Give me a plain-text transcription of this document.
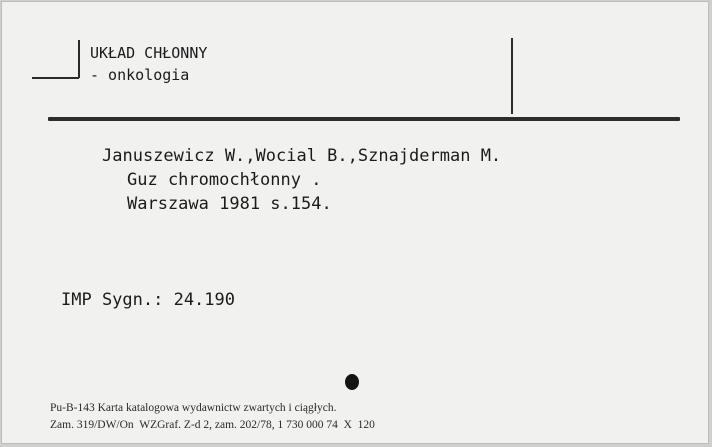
UKŁAD CHŁONNY
- onkologia
Januszewicz W.,Wocial B.,Sznajderman M.
Guz chromochłonny .
Warszawa 1981 s.154.
IMP Sygn.: 24.190
Pu-B-143 Karta katalogowa wydawnictw zwartych i ciągłych.
Zam. 319/DW/On  WZGraf. Z-d 2, zam. 202/78, 1 730 000 74  X  120
